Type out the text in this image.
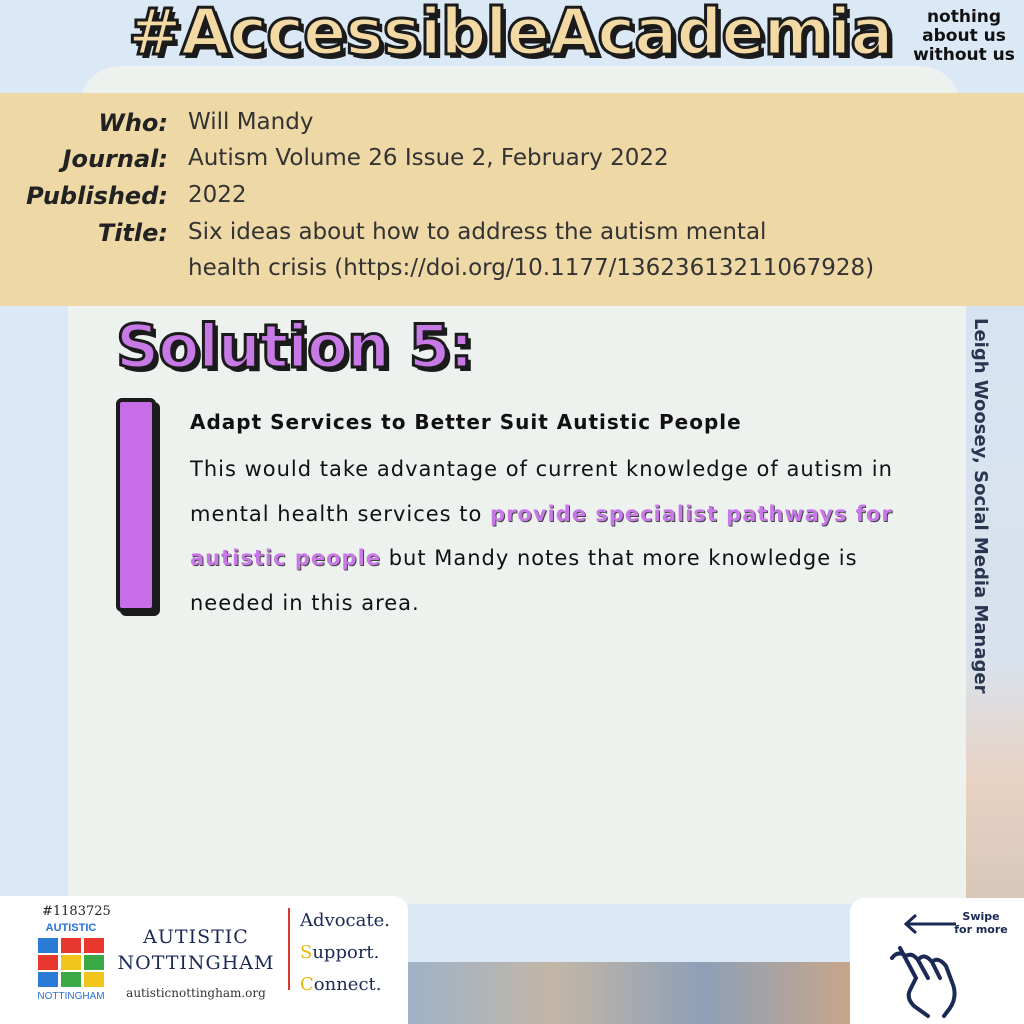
#AccessibleAcademia	nothing
about us
without us
Who: Will Mandy
Journal: Autism Volume 26 Issue 2, February 2022
Published: 2022
Title: Six ideas about how to address the autism mental
health crisis (https://doi.org/10.1177/13623613211067928)
Solution 5:
Adapt Services to Better Suit Autistic People
This would take advantage of current knowledge of autism in mental health services to provide specialist pathways for autistic people but Mandy notes that more knowledge is needed in this area.	Leigh Woosey, Social Media Manager
#1183725
AUTISTIC
NOTTINGHAM
AUTISTIC
NOTTINGHAM
autisticnottingham.org
Advocate.
Support.
Connect.
Swipe
for more
